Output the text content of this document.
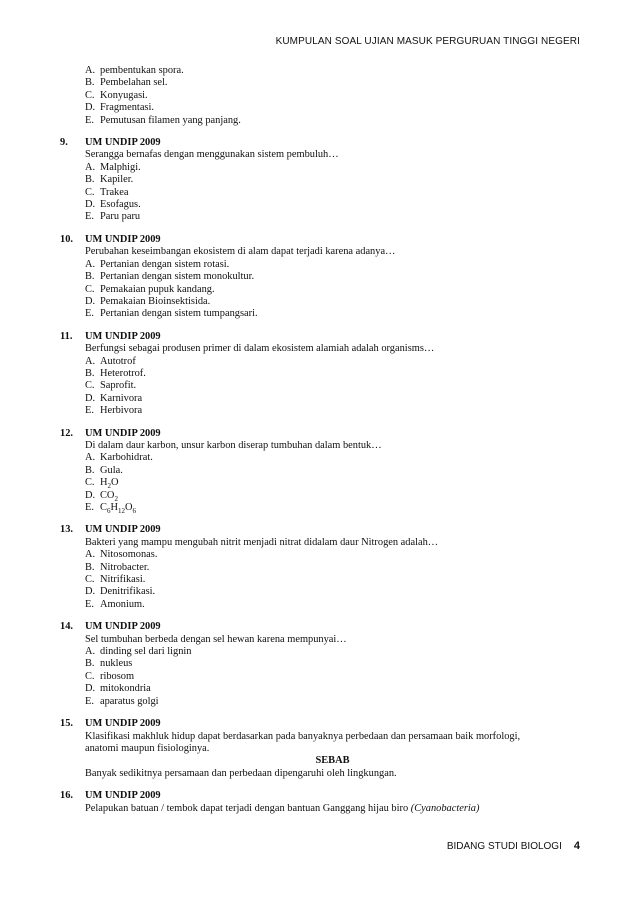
KUMPULAN SOAL UJIAN MASUK PERGURUAN TINGGI NEGERI
A. pembentukan spora.
B. Pembelahan sel.
C. Konyugasi.
D. Fragmentasi.
E. Pemutusan filamen yang panjang.
9.	UM UNDIP 2009
Serangga bernafas dengan menggunakan sistem pembuluh…
A. Malphigi.
B. Kapiler.
C. Trakea
D. Esofagus.
E. Paru paru
10.	UM UNDIP 2009
Perubahan keseimbangan ekosistem di alam dapat terjadi karena adanya…
A. Pertanian dengan sistem rotasi.
B. Pertanian dengan sistem monokultur.
C. Pemakaian pupuk kandang.
D. Pemakaian Bioinsektisida.
E. Pertanian dengan sistem tumpangsari.
11.	UM UNDIP 2009
Berfungsi sebagai produsen primer di dalam ekosistem alamiah adalah organisms…
A. Autotrof
B. Heterotrof.
C. Saprofit.
D. Karnivora
E. Herbivora
12.	UM UNDIP 2009
Di dalam daur karbon, unsur karbon diserap tumbuhan dalam bentuk…
A. Karbohidrat.
B. Gula.
C. $H_2O$
D. $CO_2$
E. $C_6H_{12}O_6$
13.	UM UNDIP 2009
Bakteri yang mampu mengubah nitrit menjadi nitrat didalam daur Nitrogen adalah…
A. Nitosomonas.
B. Nitrobacter.
C. Nitrifikasi.
D. Denitrifikasi.
E. Amonium.
14.	UM UNDIP 2009
Sel tumbuhan berbeda dengan sel hewan karena mempunyai…
A. dinding sel dari lignin
B. nukleus
C. ribosom
D. mitokondria
E. aparatus golgi
15.	UM UNDIP 2009
Klasifikasi makhluk hidup dapat berdasarkan pada banyaknya perbedaan dan persamaan baik morfologi,
anatomi maupun fisiologinya.
SEBAB
Banyak sedikitnya persamaan dan perbedaan dipengaruhi oleh lingkungan.
16.	UM UNDIP 2009
Pelapukan batuan / tembok dapat terjadi dengan bantuan Ganggang hijau biro (Cyanobacteria)
BIDANG STUDI BIOLOGI 4
